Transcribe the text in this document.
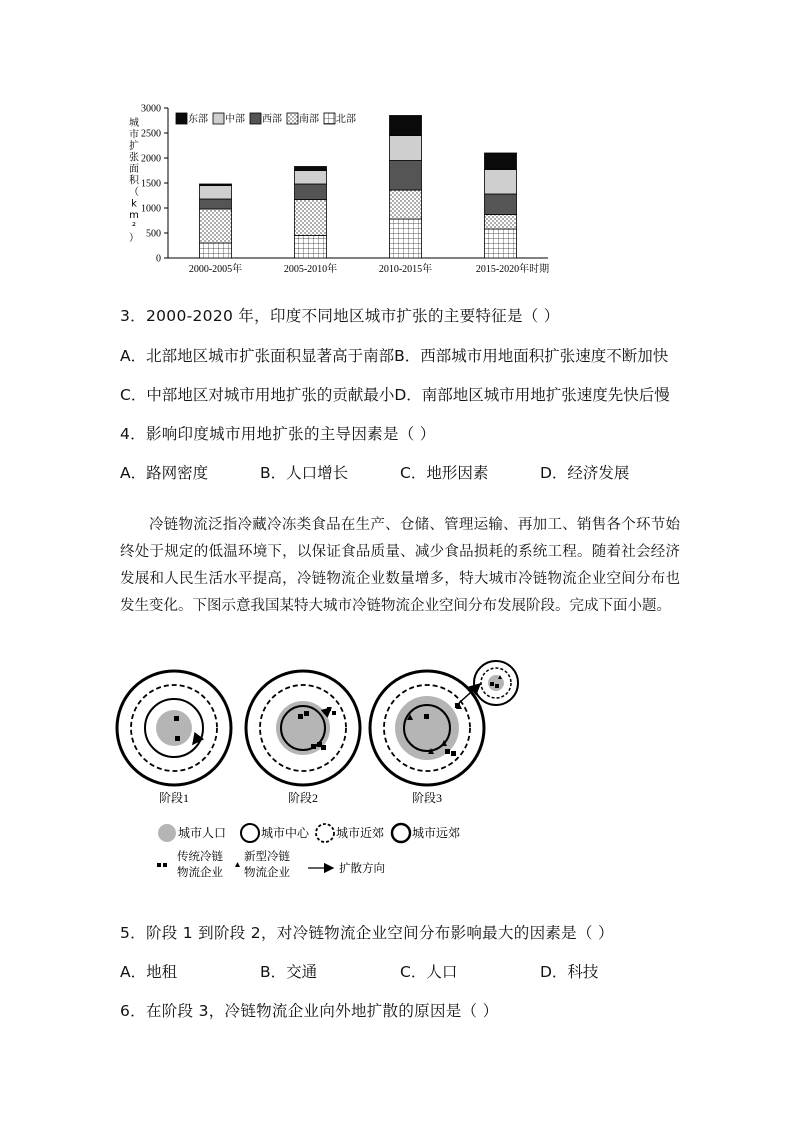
城市扩张面积（ k m ² ）
0
500
1000
1500
2000
2500
3000
2000-2005年	2005-2010年	2010-2015年	2015-2020年时期
东部 中部 西部 南部 北部
3．2000-2020 年，印度不同地区城市扩张的主要特征是（ ）
A．北部地区城市扩张面积显著高于南部B．西部城市用地面积扩张速度不断加快
C．中部地区对城市用地扩张的贡献最小D．南部地区城市用地扩张速度先快后慢
4．影响印度城市用地扩张的主导因素是（ ）
A．路网密度	B．人口增长	C．地形因素	D．经济发展
冷链物流泛指冷藏冷冻类食品在生产、仓储、管理运输、再加工、销售各个环节始终处于规定的低温环境下，以保证食品质量、减少食品损耗的系统工程。随着社会经济发展和人民生活水平提高，冷链物流企业数量增多，特大城市冷链物流企业空间分布也发生变化。下图示意我国某特大城市冷链物流企业空间分布发展阶段。完成下面小题。
阶段1	阶段2	阶段3
城市人口	城市中心 城市近郊 城市远郊
传统冷链
物流企业
新型冷链
物流企业	扩散方向
5．阶段 1 到阶段 2，对冷链物流企业空间分布影响最大的因素是（ ）
A．地租	B．交通	C．人口	D．科技
6．在阶段 3，冷链物流企业向外地扩散的原因是（ ）
